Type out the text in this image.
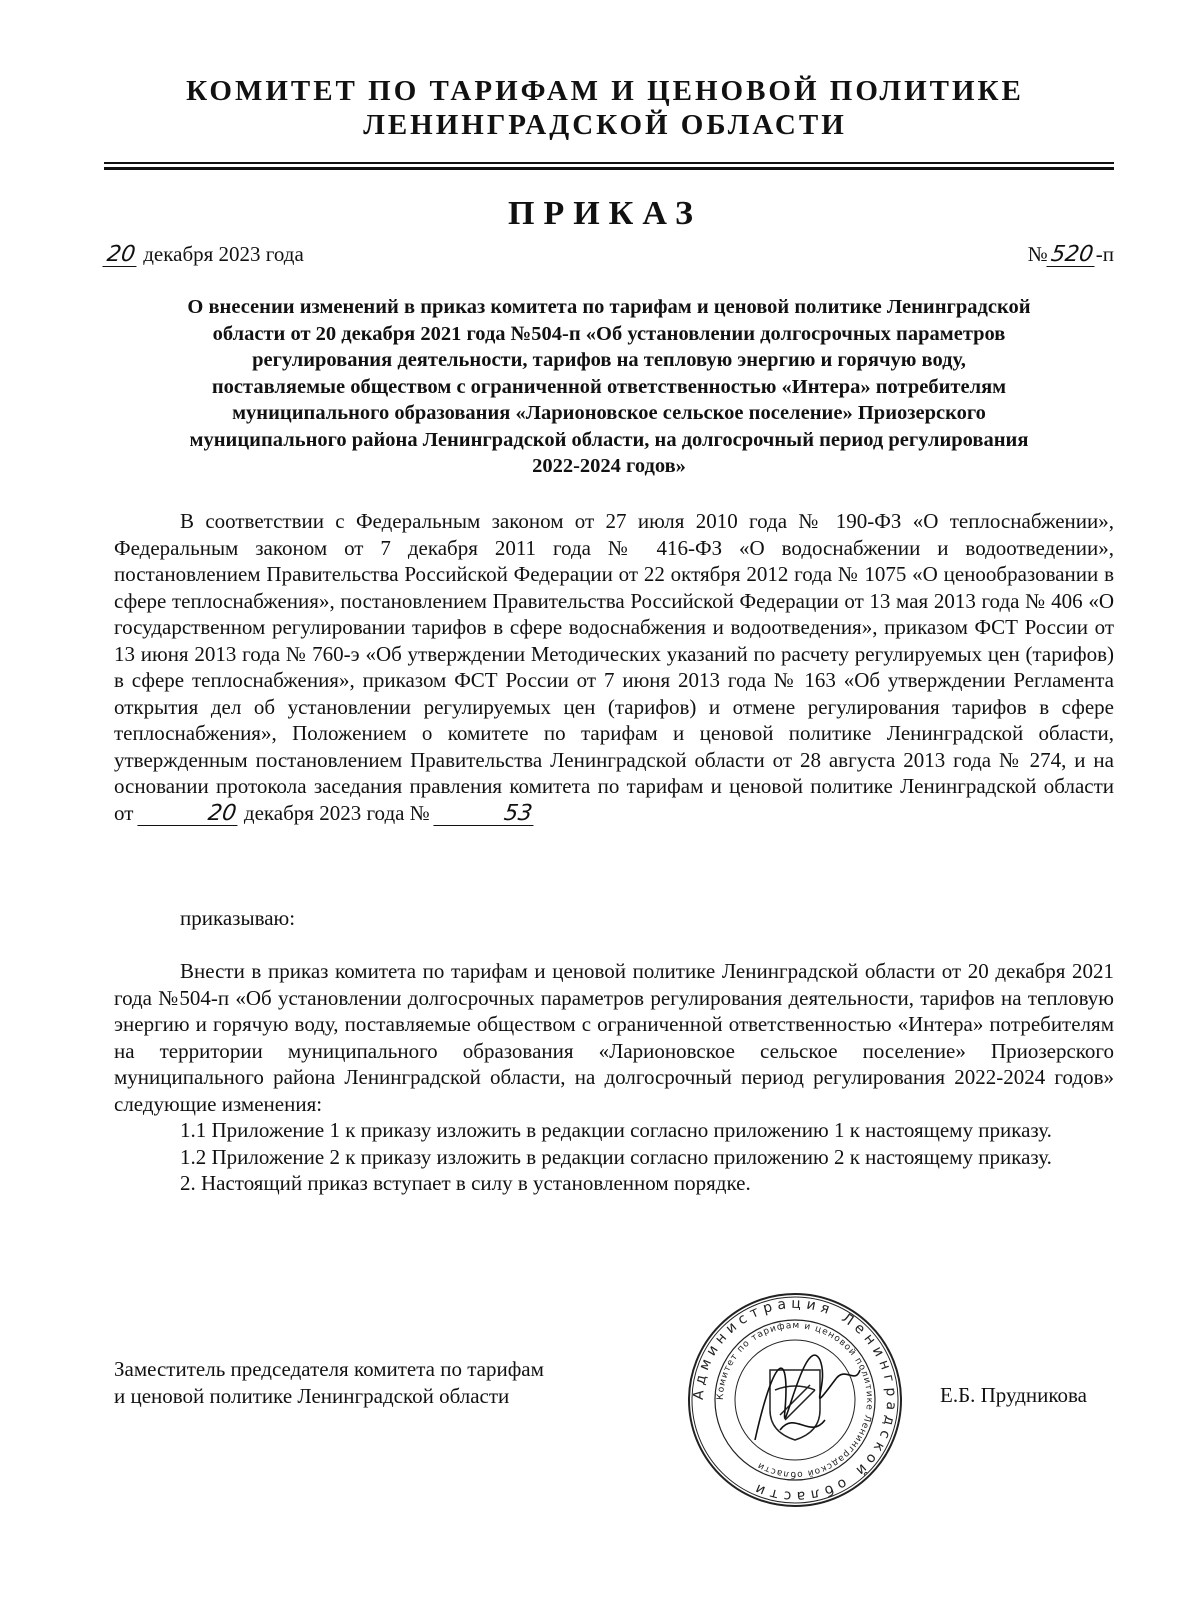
КОМИТЕТ ПО ТАРИФАМ И ЦЕНОВОЙ ПОЛИТИКЕ
ЛЕНИНГРАДСКОЙ ОБЛАСТИ
ПРИКАЗ
20 декабря 2023 года	№520-п
О внесении изменений в приказ комитета по тарифам и ценовой политике Ленинградской
области от 20 декабря 2021 года №504-п «Об установлении долгосрочных параметров
регулирования деятельности, тарифов на тепловую энергию и горячую воду,
поставляемые обществом с ограниченной ответственностью «Интера» потребителям
муниципального образования «Ларионовское сельское поселение» Приозерского
муниципального района Ленинградской области, на долгосрочный период регулирования
2022-2024 годов»

В соответствии с Федеральным законом от 27 июля 2010 года № 190-ФЗ «О теплоснабжении», Федеральным законом от 7 декабря 2011 года № 416-ФЗ «О водоснабжении и водоотведении», постановлением Правительства Российской Федерации от 22 октября 2012 года № 1075 «О ценообразовании в сфере теплоснабжения», постановлением Правительства Российской Федерации от 13 мая 2013 года № 406 «О государственном регулировании тарифов в сфере водоснабжения и водоотведения», приказом ФСТ России от 13 июня 2013 года № 760-э «Об утверждении Методических указаний по расчету регулируемых цен (тарифов) в сфере теплоснабжения», приказом ФСТ России от 7 июня 2013 года № 163 «Об утверждении Регламента открытия дел об установлении регулируемых цен (тарифов) и отмене регулирования тарифов в сфере теплоснабжения», Положением о комитете по тарифам и ценовой политике Ленинградской области, утвержденным постановлением Правительства Ленинградской области от 28 августа 2013 года № 274, и на основании протокола заседания правления комитета по тарифам и ценовой политике Ленинградской области от	20 декабря 2023 года №	53

приказываю:

Внести в приказ комитета по тарифам и ценовой политике Ленинградской области от 20 декабря 2021 года №504-п «Об установлении долгосрочных параметров регулирования деятельности, тарифов на тепловую энергию и горячую воду, поставляемые обществом с ограниченной ответственностью «Интера» потребителям на территории муниципального образования «Ларионовское сельское поселение» Приозерского муниципального района Ленинградской области, на долгосрочный период регулирования 2022-2024 годов» следующие изменения:

1.1 Приложение 1 к приказу изложить в редакции согласно приложению 1 к настоящему приказу.

1.2 Приложение 2 к приказу изложить в редакции согласно приложению 2 к настоящему приказу.

2. Настоящий приказ вступает в силу в установленном порядке.

Заместитель председателя комитета по тарифам
и ценовой политике Ленинградской области	Администрация Ленинградской области
Комитет по тарифам и ценовой политике Ленинградской области
Е.Б. Прудникова
